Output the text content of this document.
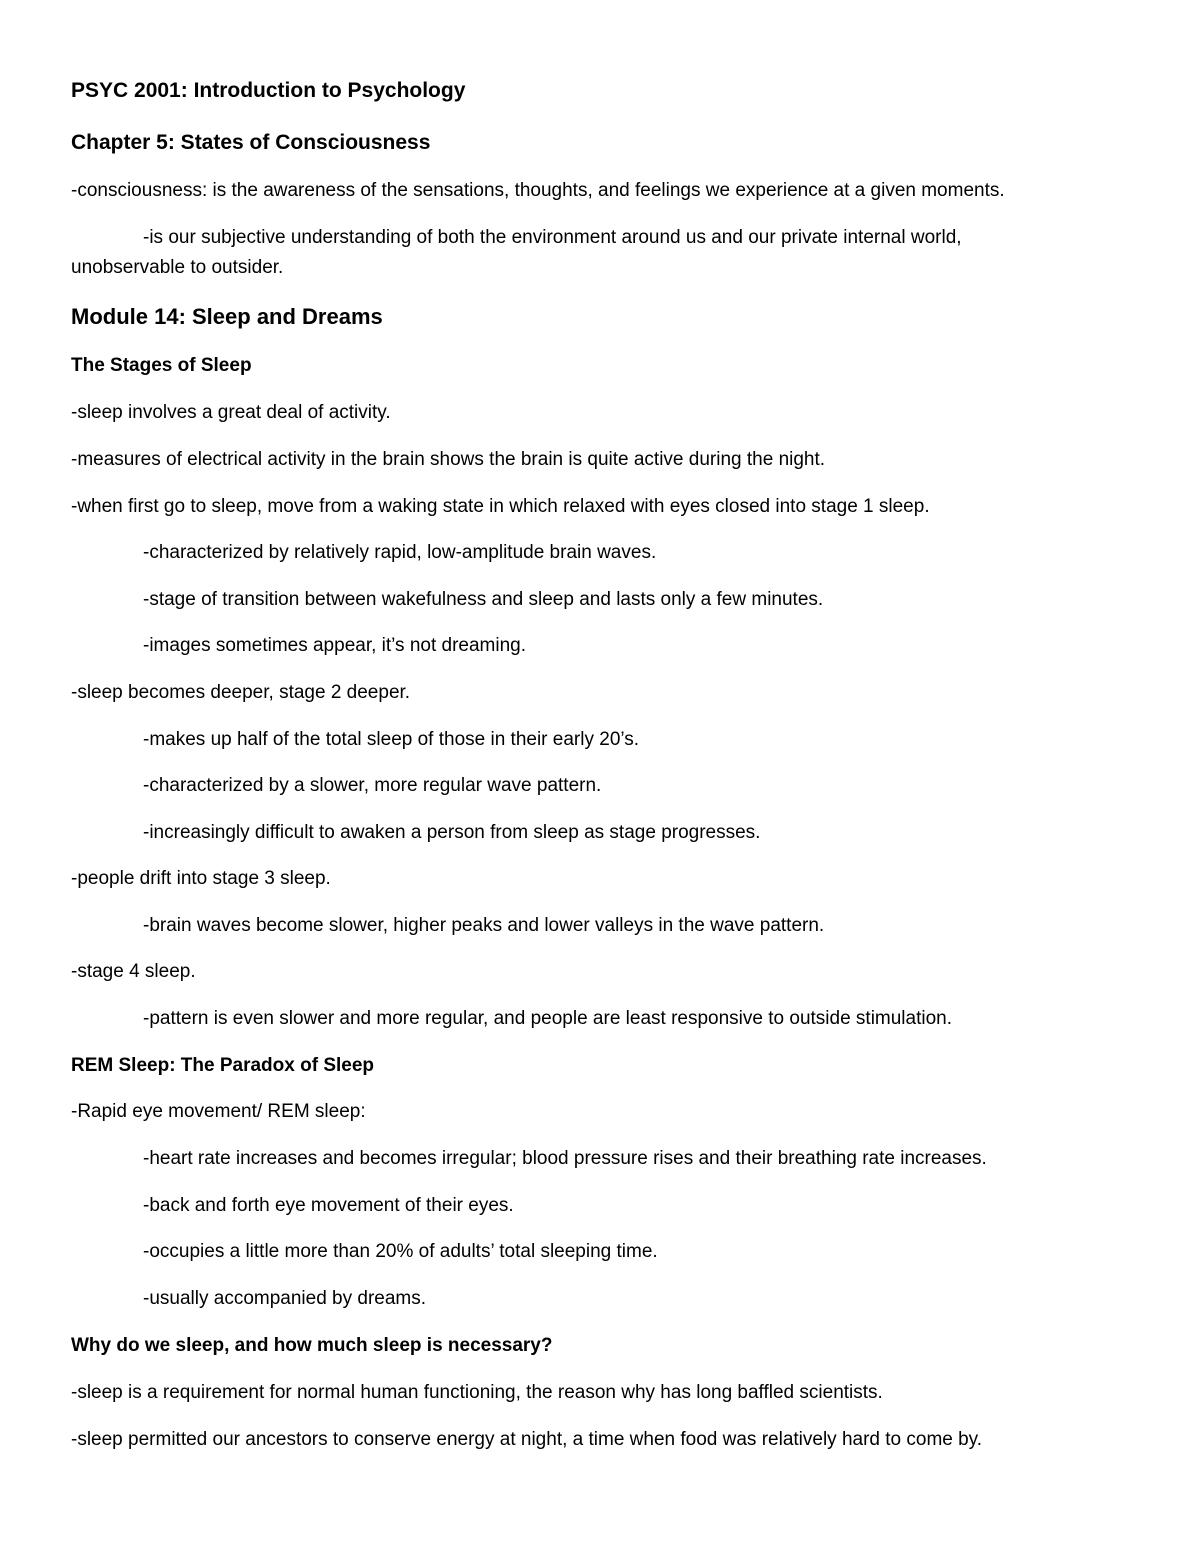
PSYC 2001: Introduction to Psychology
Chapter 5: States of Consciousness
-consciousness: is the awareness of the sensations, thoughts, and feelings we experience at a given moments.
-is our subjective understanding of both the environment around us and our private internal world,
unobservable to outsider.
Module 14: Sleep and Dreams
The Stages of Sleep
-sleep involves a great deal of activity.
-measures of electrical activity in the brain shows the brain is quite active during the night.
-when first go to sleep, move from a waking state in which relaxed with eyes closed into stage 1 sleep.
-characterized by relatively rapid, low-amplitude brain waves.
-stage of transition between wakefulness and sleep and lasts only a few minutes.
-images sometimes appear, it’s not dreaming.
-sleep becomes deeper, stage 2 deeper.
-makes up half of the total sleep of those in their early 20’s.
-characterized by a slower, more regular wave pattern.
-increasingly difficult to awaken a person from sleep as stage progresses.
-people drift into stage 3 sleep.
-brain waves become slower, higher peaks and lower valleys in the wave pattern.
-stage 4 sleep.
-pattern is even slower and more regular, and people are least responsive to outside stimulation.
REM Sleep: The Paradox of Sleep
-Rapid eye movement/ REM sleep:
-heart rate increases and becomes irregular; blood pressure rises and their breathing rate increases.
-back and forth eye movement of their eyes.
-occupies a little more than 20% of adults’ total sleeping time.
-usually accompanied by dreams.
Why do we sleep, and how much sleep is necessary?
-sleep is a requirement for normal human functioning, the reason why has long baffled scientists.
-sleep permitted our ancestors to conserve energy at night, a time when food was relatively hard to come by.
